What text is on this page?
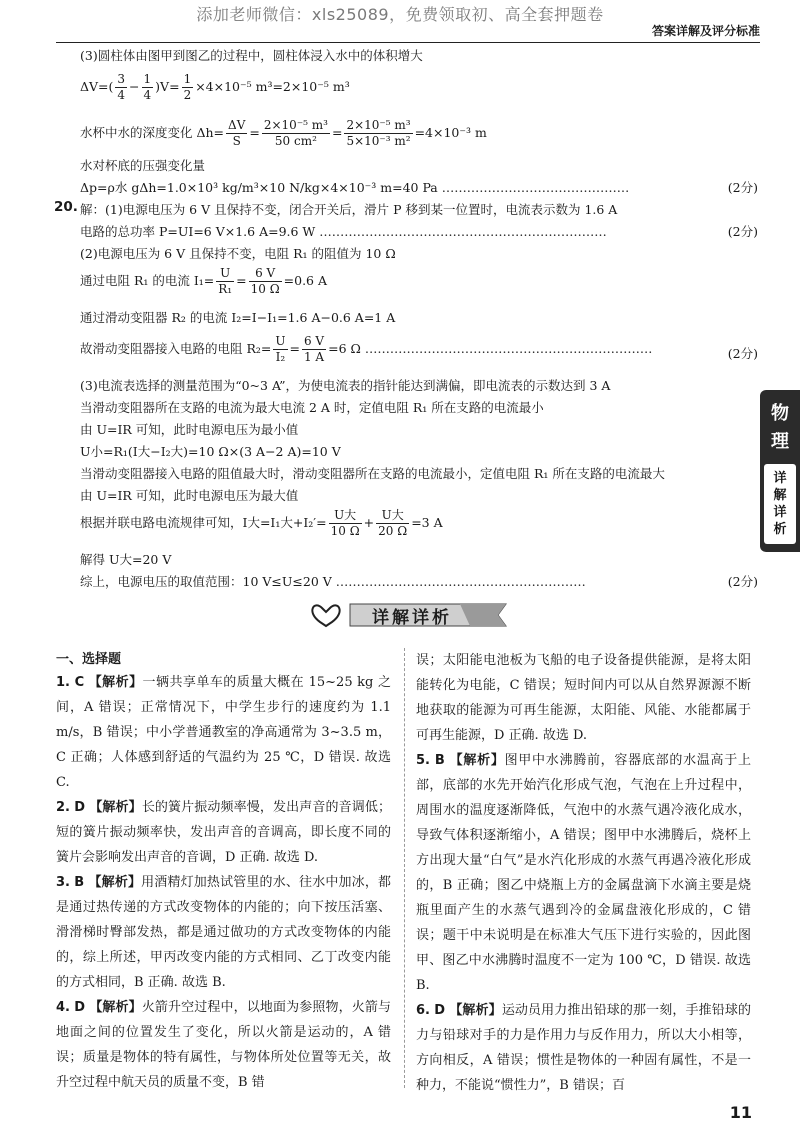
添加老师微信：xls25089，免费领取初、高全套押题卷
答案详解及评分标准
(3)圆柱体由图甲到图乙的过程中，圆柱体浸入水中的体积增大
$\Delta V=( \frac{3}{4} - \frac{1}{4} )V= \frac{1}{2} \times 4\times 10^{-5}$ m³=2×10⁻⁵ m³
水杯中水的深度变化 $\Delta h= \frac{\Delta V}{S} = \frac{\text{2×10⁻⁵ m³}}{\text{50 cm²}} = \frac{\text{2×10⁻⁵ m³}}{\text{5×10⁻³ m²}} =4\times 10^{-3}$ m
水对杯底的压强变化量
Δp=ρ水 gΔh=1.0×10³ kg/m³×10 N/kg×4×10⁻³ m=40 Pa ………………………………………	(2分)
20. 解：(1)电源电压为 6 V 且保持不变，闭合开关后，滑片 P 移到某一位置时，电流表示数为 1.6 A
电路的总功率 P=UI=6 V×1.6 A=9.6 W ……………………………………………………………	(2分)
(2)电源电压为 6 V 且保持不变，电阻 R₁ 的阻值为 10 Ω
通过电阻 R₁ 的电流 $I_1= \frac{U}{\text{R₁}} = \frac{6 V}{10 \Omega} =0.6$ A
通过滑动变阻器 R₂ 的电流 I₂=I−I₁=1.6 A−0.6 A=1 A
故滑动变阻器接入电路的电阻 $R_2= \frac{U}{\text{I₂}} = \frac{6 V}{1 A} =6$ Ω ……………………………………………………………	(2分)
(3)电流表选择的测量范围为“0~3 A”，为使电流表的指针能达到满偏，即电流表的示数达到 3 A
当滑动变阻器所在支路的电流为最大电流 2 A 时，定值电阻 R₁ 所在支路的电流最小
由 U=IR 可知，此时电源电压为最小值
U小=R₁(I大−I₂大)=10 Ω×(3 A−2 A)=10 V
当滑动变阻器接入电路的阻值最大时，滑动变阻器所在支路的电流最小，定值电阻 R₁ 所在支路的电流最大
由 U=IR 可知，此时电源电压为最大值
根据并联电路电流规律可知，I大=I₁大$+I_2'= \frac{\text{U大}}{10 \Omega} + \frac{\text{U大}}{20 \Omega} =3$ A
解得 U大=20 V
综上，电源电压的取值范围：10 V≤U≤20 V ……………………………………………………	(2分)
物
理
详
解
详
析
详解详析
一、选择题

1. C 【解析】一辆共享单车的质量大概在 15~25 kg 之间，A 错误；正常情况下，中学生步行的速度约为 1.1 m/s，B 错误；中小学普通教室的净高通常为 3~3.5 m，C 正确；人体感到舒适的气温约为 25 ℃，D 错误. 故选 C.

2. D 【解析】长的簧片振动频率慢，发出声音的音调低；短的簧片振动频率快，发出声音的音调高，即长度不同的簧片会影响发出声音的音调，D 正确. 故选 D.

3. B 【解析】用酒精灯加热试管里的水、往水中加冰，都是通过热传递的方式改变物体的内能的；向下按压活塞、滑滑梯时臀部发热，都是通过做功的方式改变物体的内能的，综上所述，甲丙改变内能的方式相同、乙丁改变内能的方式相同，B 正确. 故选 B.

4. D 【解析】火箭升空过程中，以地面为参照物，火箭与地面之间的位置发生了变化，所以火箭是运动的，A 错误；质量是物体的特有属性，与物体所处位置等无关，故升空过程中航天员的质量不变，B 错

误；太阳能电池板为飞船的电子设备提供能源，是将太阳能转化为电能，C 错误；短时间内可以从自然界源源不断地获取的能源为可再生能源，太阳能、风能、水能都属于可再生能源，D 正确. 故选 D.

5. B 【解析】图甲中水沸腾前，容器底部的水温高于上部，底部的水先开始汽化形成气泡，气泡在上升过程中，周围水的温度逐渐降低，气泡中的水蒸气遇冷液化成水，导致气体积逐渐缩小，A 错误；图甲中水沸腾后，烧杯上方出现大量“白气”是水汽化形成的水蒸气再遇冷液化形成的，B 正确；图乙中烧瓶上方的金属盘滴下水滴主要是烧瓶里面产生的水蒸气遇到冷的金属盘液化形成的，C 错误；题干中未说明是在标准大气压下进行实验的，因此图甲、图乙中水沸腾时温度不一定为 100 ℃，D 错误. 故选 B.

6. D 【解析】运动员用力推出铅球的那一刻，手推铅球的力与铅球对手的力是作用力与反作用力，所以大小相等，方向相反，A 错误；惯性是物体的一种固有属性，不是一种力，不能说“惯性力”，B 错误；百

11
